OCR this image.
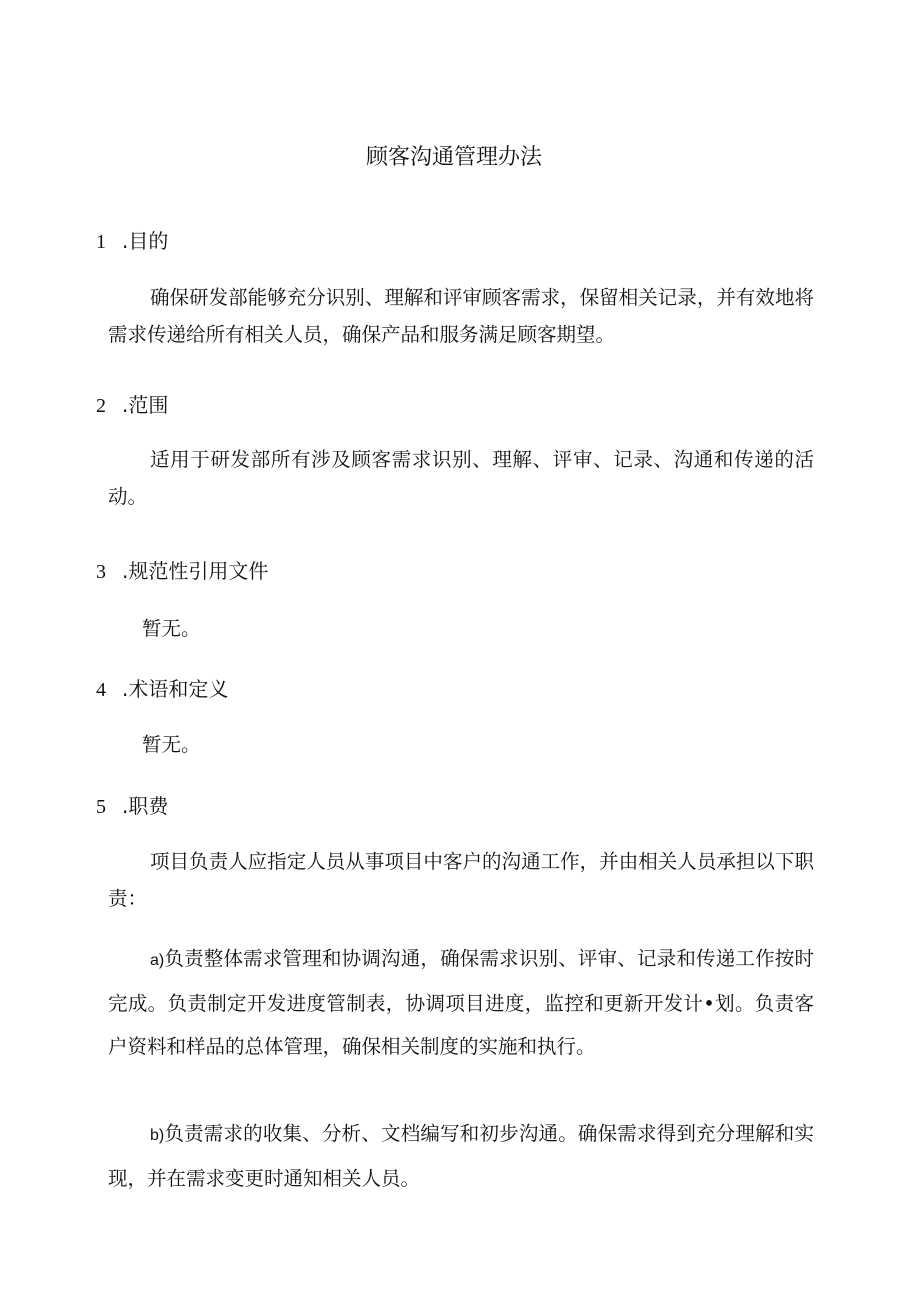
顾客沟通管理办法
1 .目的
确保研发部能够充分识别、理解和评审顾客需求，保留相关记录，并有效地将需求传递给所有相关人员，确保产品和服务满足顾客期望。
2 .范围
适用于研发部所有涉及顾客需求识别、理解、评审、记录、沟通和传递的活动。
3 .规范性引用文件
暂无。
4 .术语和定义
暂无。
5 .职费
项目负责人应指定人员从事项目中客户的沟通工作，并由相关人员承担以下职责：
a)负责整体需求管理和协调沟通，确保需求识别、评审、记录和传递工作按时完成。负责制定开发进度管制表，协调项目进度，监控和更新开发计•划。负责客户资料和样品的总体管理，确保相关制度的实施和执行。
b)负责需求的收集、分析、文档编写和初步沟通。确保需求得到充分理解和实现，并在需求变更时通知相关人员。
